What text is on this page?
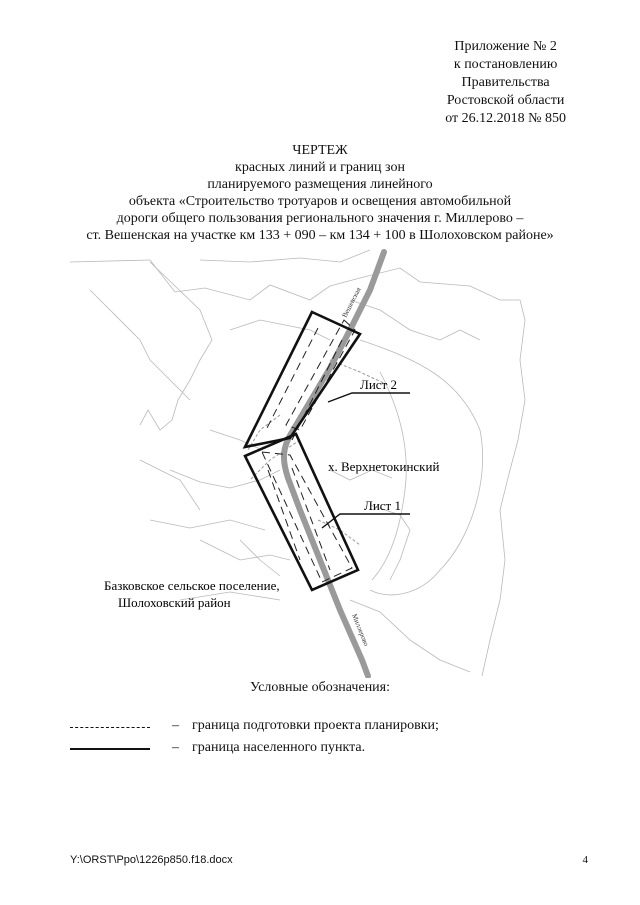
Приложение № 2
к постановлению
Правительства
Ростовской области
от 26.12.2018 № 850
ЧЕРТЕЖ
красных линий и границ зон
планируемого размещения линейного
объекта «Строительство тротуаров и освещения автомобильной
дороги общего пользования регионального значения г. Миллерово –
ст. Вешенская на участке км 133 + 090 – км 134 + 100 в Шолоховском районе»
Лист 2
Лист 1
х. Верхнетокинский
Базковское сельское поселение,
Шолоховский район
Вешенская
Миллерово
Условные обозначения:
– граница подготовки проекта планировки;
– граница населенного пункта.
Y:\ORST\Ppo\1226p850.f18.docx	4
